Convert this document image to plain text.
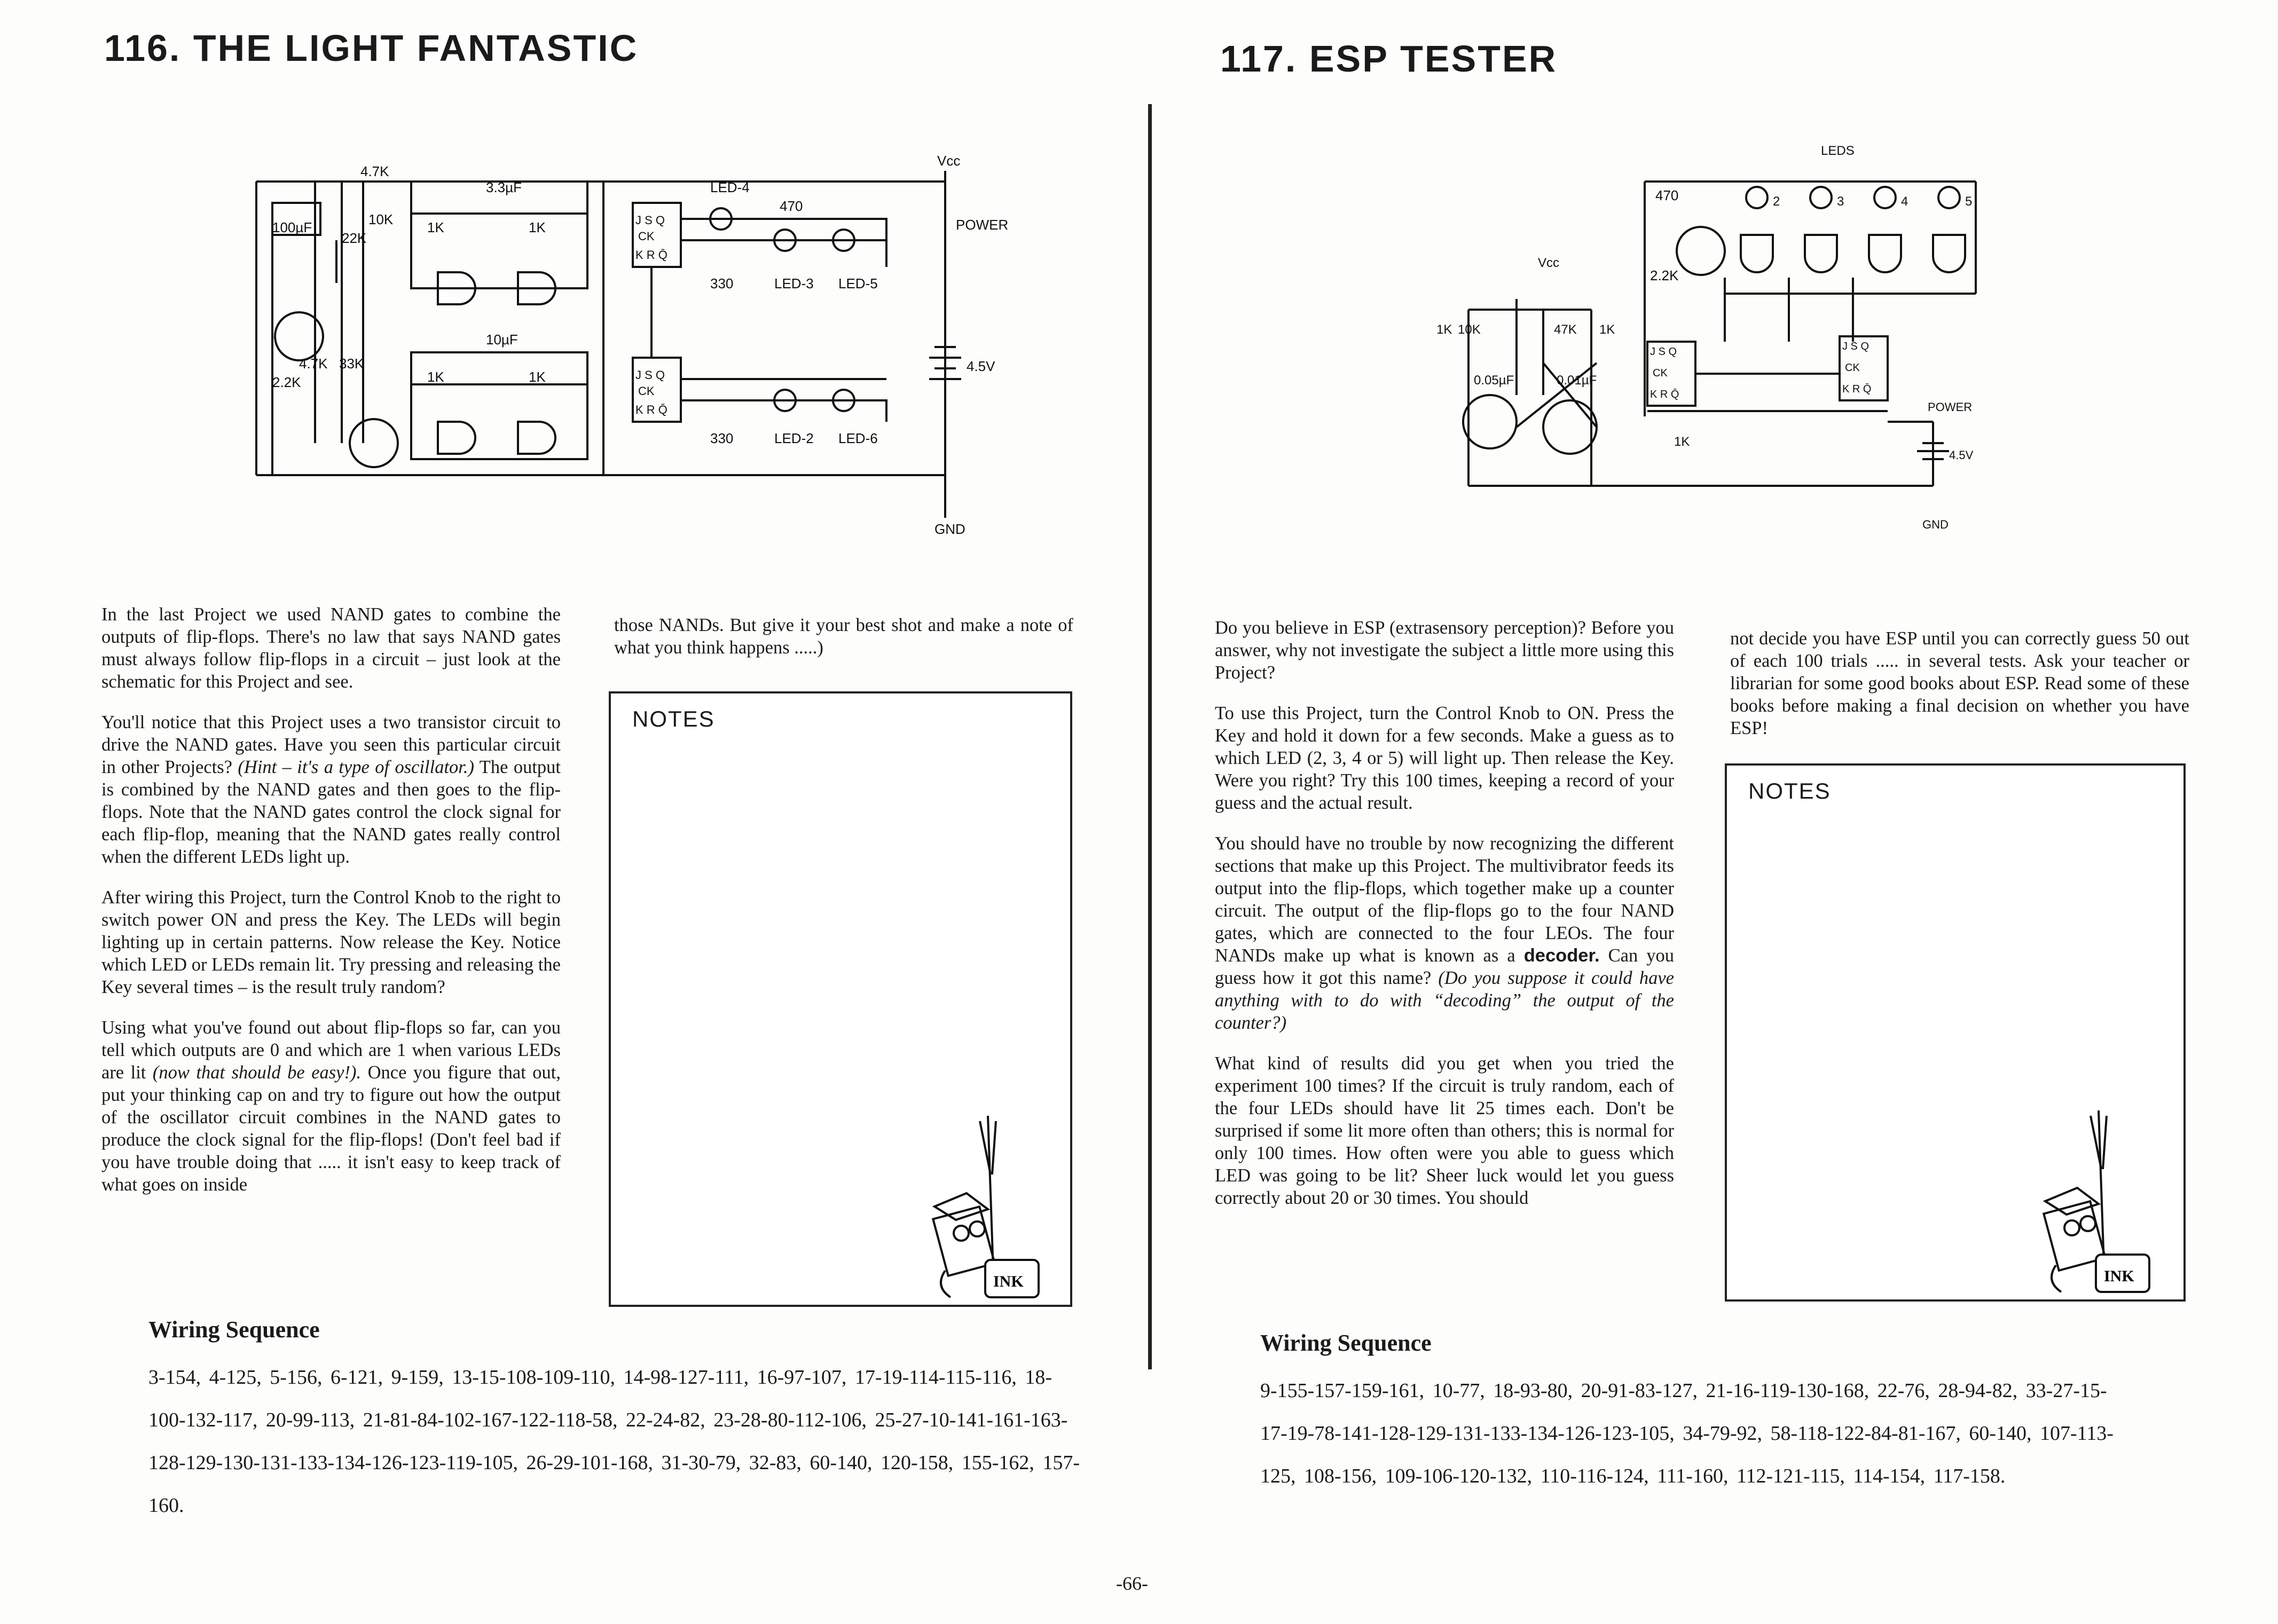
116. THE LIGHT FANTASTIC
4.7K
100µF
22K
10K
3.3µF
1K	1K
10µF
1K	1K
4.7K 33K
2.2K
LED-4
470
330	LED-3 LED-5
330	LED-2 LED-6
Vcc
POWER
4.5V
GND
J S Q
CK
K R Q̄
J S Q
CK
K R Q̄

In the last Project we used NAND gates to combine the outputs of flip-flops. There's no law that says NAND gates must always follow flip-flops in a circuit – just look at the schematic for this Project and see.

You'll notice that this Project uses a two transistor circuit to drive the NAND gates. Have you seen this particular circuit in other Projects? (Hint – it's a type of oscillator.) The output is combined by the NAND gates and then goes to the flip-flops. Note that the NAND gates control the clock signal for each flip-flop, meaning that the NAND gates really control when the different LEDs light up.

After wiring this Project, turn the Control Knob to the right to switch power ON and press the Key. The LEDs will begin lighting up in certain patterns. Now release the Key. Notice which LED or LEDs remain lit. Try pressing and releasing the Key several times – is the result truly random?

Using what you've found out about flip-flops so far, can you tell which outputs are 0 and which are 1 when various LEDs are lit (now that should be easy!). Once you figure that out, put your thinking cap on and try to figure out how the output of the oscillator circuit combines in the NAND gates to produce the clock signal for the flip-flops! (Don't feel bad if you have trouble doing that ..... it isn't easy to keep track of what goes on inside

those NANDs. But give it your best shot and make a note of what you think happens .....)
NOTES
INK
Wiring Sequence
3-154, 4-125, 5-156, 6-121, 9-159, 13-15-108-109-110, 14-98-127-111, 16-97-107, 17-19-114-115-116, 18-100-132-117, 20-99-113, 21-81-84-102-167-122-118-58, 22-24-82, 23-28-80-112-106, 25-27-10-141-161-163-128-129-130-131-133-134-126-123-119-105, 26-29-101-168, 31-30-79, 32-83, 60-140, 120-158, 155-162, 157-160.
117. ESP TESTER
LEDS
470
2.2K
Vcc
1K 10K	47K 1K
0.05µF	0.01µF
1K
2	3	4	5
POWER
4.5V
GND
J S Q
CK
K R Q̄
J S Q
CK
K R Q̄

Do you believe in ESP (extrasensory perception)? Before you answer, why not investigate the subject a little more using this Project?

To use this Project, turn the Control Knob to ON. Press the Key and hold it down for a few seconds. Make a guess as to which LED (2, 3, 4 or 5) will light up. Then release the Key. Were you right? Try this 100 times, keeping a record of your guess and the actual result.

You should have no trouble by now recognizing the different sections that make up this Project. The multivibrator feeds its output into the flip-flops, which together make up a counter circuit. The output of the flip-flops go to the four NAND gates, which are connected to the four LEOs. The four NANDs make up what is known as a decoder. Can you guess how it got this name? (Do you suppose it could have anything with to do with “decoding” the output of the counter?)

What kind of results did you get when you tried the experiment 100 times? If the circuit is truly random, each of the four LEDs should have lit 25 times each. Don't be surprised if some lit more often than others; this is normal for only 100 times. How often were you able to guess which LED was going to be lit? Sheer luck would let you guess correctly about 20 or 30 times. You should

not decide you have ESP until you can correctly guess 50 out of each 100 trials ..... in several tests. Ask your teacher or librarian for some good books about ESP. Read some of these books before making a final decision on whether you have ESP!
NOTES
INK
Wiring Sequence
9-155-157-159-161, 10-77, 18-93-80, 20-91-83-127, 21-16-119-130-168, 22-76, 28-94-82, 33-27-15-17-19-78-141-128-129-131-133-134-126-123-105, 34-79-92, 58-118-122-84-81-167, 60-140, 107-113-125, 108-156, 109-106-120-132, 110-116-124, 111-160, 112-121-115, 114-154, 117-158.
-66-
